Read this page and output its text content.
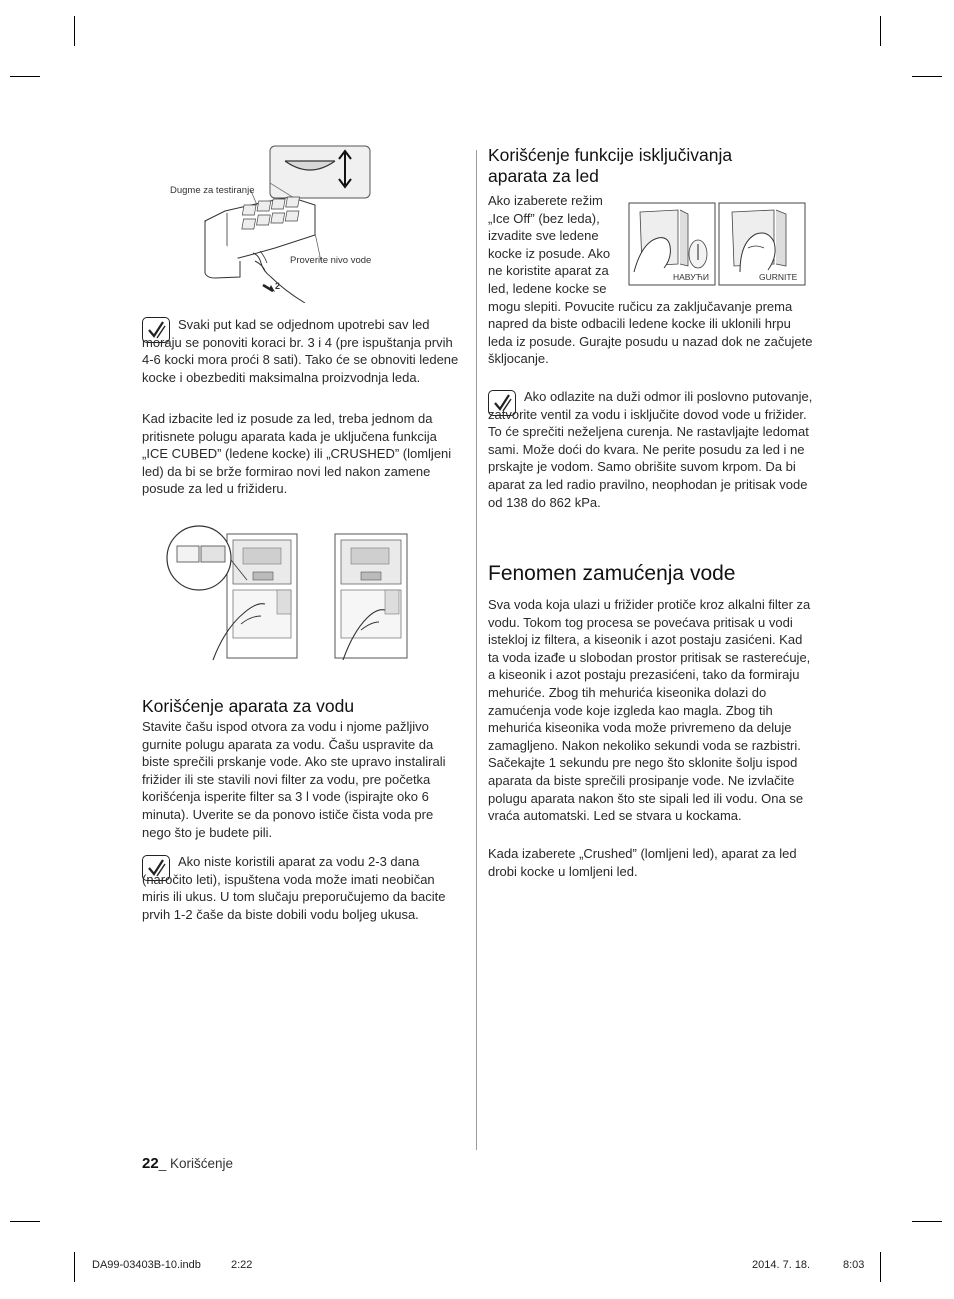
Dugme za testiranje
Proverite nivo vode
2

Svaki put kad se odjednom upotrebi sav led moraju se ponoviti koraci br. 3 i 4 (pre ispuštanja prvih 4-6 kocki mora proći 8 sati). Tako će se obnoviti ledene kocke i obezbediti maksimalna proizvodnja leda.

Kad izbacite led iz posude za led, treba jednom da pritisnete polugu aparata kada je uključena funkcija „ICE CUBED” (ledene kocke) ili „CRUSHED” (lomljeni led) da bi se brže formirao novi led nakon zamene posude za led u frižideru.

Korišćenje aparata za vodu

Stavite čašu ispod otvora za vodu i njome pažljivo gurnite polugu aparata za vodu. Čašu uspravite da biste sprečili prskanje vode. Ako ste upravo instalirali frižider ili ste stavili novi filter za vodu, pre početka korišćenja isperite filter sa 3 l vode (ispirajte oko 6 minuta). Uverite se da ponovo ističe čista voda pre nego što je budete pili.

Ako niste koristili aparat za vodu 2-3 dana (naročito leti), ispuštena voda može imati neobičan miris ili ukus. U tom slučaju preporučujemo da bacite prvih 1-2 čaše da biste dobili vodu boljeg ukusa.

Korišćenje funkcije isključivanja aparata za led
НАВУЋИ	GURNITE

Ako izaberete režim „Ice Off” (bez leda), izvadite sve ledene kocke iz posude. Ako ne koristite aparat za led, ledene kocke se mogu slepiti. Povucite ručicu za zaključavanje prema napred da biste odbacili ledene kocke ili uklonili hrpu leda iz posude. Gurajte posudu u nazad dok ne začujete škljocanje.

Ako odlazite na duži odmor ili poslovno putovanje, zatvorite ventil za vodu i isključite dovod vode u frižider. To će sprečiti neželjena curenja. Ne rastavljajte ledomat sami. Može doći do kvara. Ne perite posudu za led i ne prskajte je vodom. Samo obrišite suvom krpom. Da bi aparat za led radio pravilno, neophodan je pritisak vode od 138 do 862 kPa.

Fenomen zamućenja vode

Sva voda koja ulazi u frižider protiče kroz alkalni filter za vodu. Tokom tog procesa se povećava pritisak u vodi isteklој iz filtera, a kiseonik i azot postaju zasićeni. Kad ta voda izađe u slobodan prostor pritisak se rasterećuje, a kiseonik i azot postaju prezasićeni, tako da formiraju mehuriće. Zbog tih mehurića kiseonika dolazi do zamućenja vode koje izgleda kao magla. Zbog tih mehurića kiseonika voda može privremeno da deluje zamagljeno. Nakon nekoliko sekundi voda se razbistri. Sačekajte 1 sekundu pre nego što sklonite šolju ispod aparata da biste sprečili prosipanje vode. Ne izvlačite polugu aparata nakon što ste sipali led ili vodu. Ona se vraća automatski. Led se stvara u kockama.

Kada izaberete „Crushed” (lomljeni led), aparat za led drobi kocke u lomljeni led.

22_ Korišćenje
DA99-03403B-10.indb	2:22	2014. 7. 18.	8:03
